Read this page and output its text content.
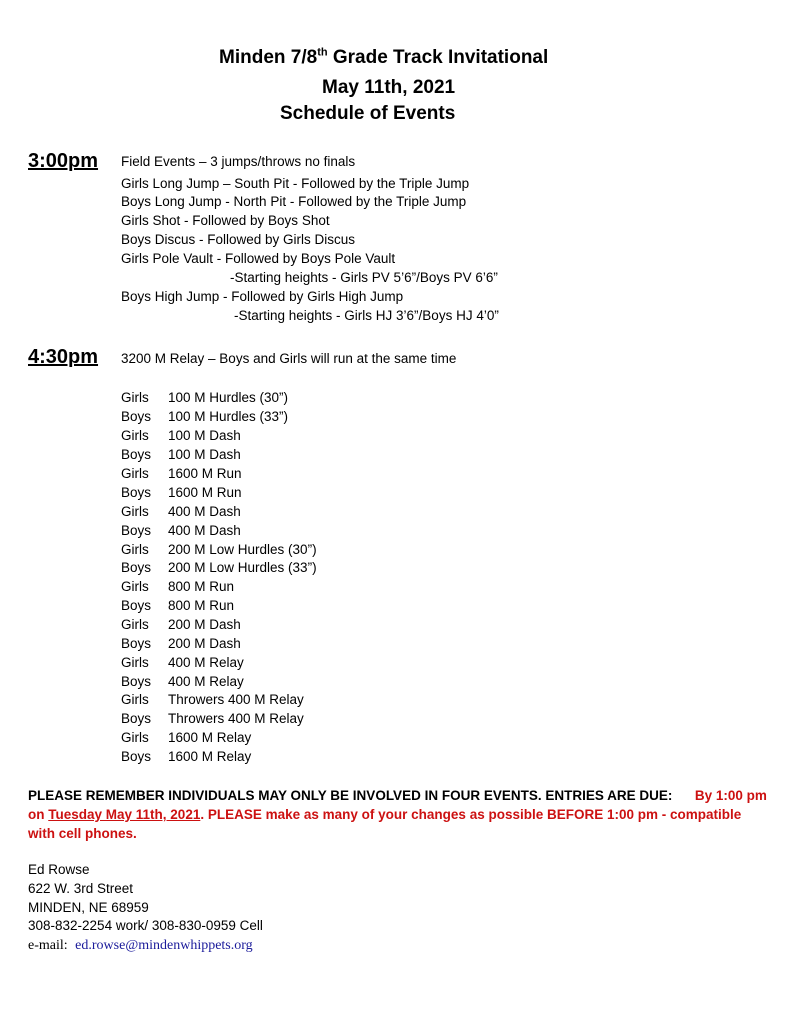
Minden 7/8th Grade Track Invitational
May 11th, 2021
Schedule of Events
3:00pm Field Events – 3 jumps/throws no finals
Girls Long Jump – South Pit - Followed by the Triple Jump
Boys Long Jump - North Pit - Followed by the Triple Jump
Girls Shot - Followed by Boys Shot
Boys Discus - Followed by Girls Discus
Girls Pole Vault - Followed by Boys Pole Vault
-Starting heights - Girls PV 5’6”/Boys PV 6’6”
Boys High Jump - Followed by Girls High Jump
-Starting heights - Girls HJ 3’6”/Boys HJ 4’0”
4:30pm 3200 M Relay – Boys and Girls will run at the same time
Girls 100 M Hurdles (30”)
Boys 100 M Hurdles (33”)
Girls 100 M Dash
Boys 100 M Dash
Girls 1600 M Run
Boys 1600 M Run
Girls 400 M Dash
Boys 400 M Dash
Girls 200 M Low Hurdles (30”)
Boys 200 M Low Hurdles (33”)
Girls 800 M Run
Boys 800 M Run
Girls 200 M Dash
Boys 200 M Dash
Girls 400 M Relay
Boys 400 M Relay
Girls Throwers 400 M Relay
Boys Throwers 400 M Relay
Girls 1600 M Relay
Boys 1600 M Relay
PLEASE REMEMBER INDIVIDUALS MAY ONLY BE INVOLVED IN FOUR EVENTS. ENTRIES ARE DUE: By 1:00 pm on Tuesday May 11th, 2021. PLEASE make as many of your changes as possible BEFORE 1:00 pm - compatible with cell phones.
Ed Rowse
622 W. 3rd Street
MINDEN, NE 68959
308-832-2254 work/ 308-830-0959 Cell
e-mail: ed.rowse@mindenwhippets.org
